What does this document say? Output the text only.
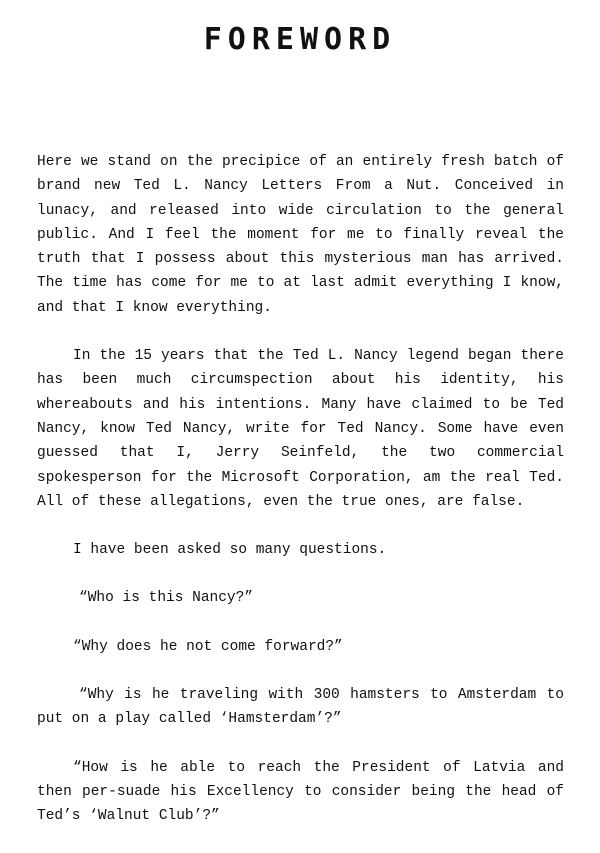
FOREWORD

Here we stand on the precipice of an entirely fresh batch of brand new Ted L. Nancy Letters From a Nut. Conceived in lunacy, and released into wide circulation to the general public. And I feel the moment for me to finally reveal the truth that I possess about this mysterious man has arrived. The time has come for me to at last admit everything I know, and that I know everything.

In the 15 years that the Ted L. Nancy legend began there has been much circumspection about his identity, his whereabouts and his intentions. Many have claimed to be Ted Nancy, know Ted Nancy, write for Ted Nancy. Some have even guessed that I, Jerry Seinfeld, the two commercial spokesperson for the Microsoft Corporation, am the real Ted. All of these allegations, even the true ones, are false.

I have been asked so many questions.

“Who is this Nancy?”

“Why does he not come forward?”

“Why is he traveling with 300 hamsters to Amsterdam to put on a play called ‘Hamsterdam’?”

“How is he able to reach the President of Latvia and then per-suade his Excellency to consider being the head of Ted’s ‘Walnut Club’?”
